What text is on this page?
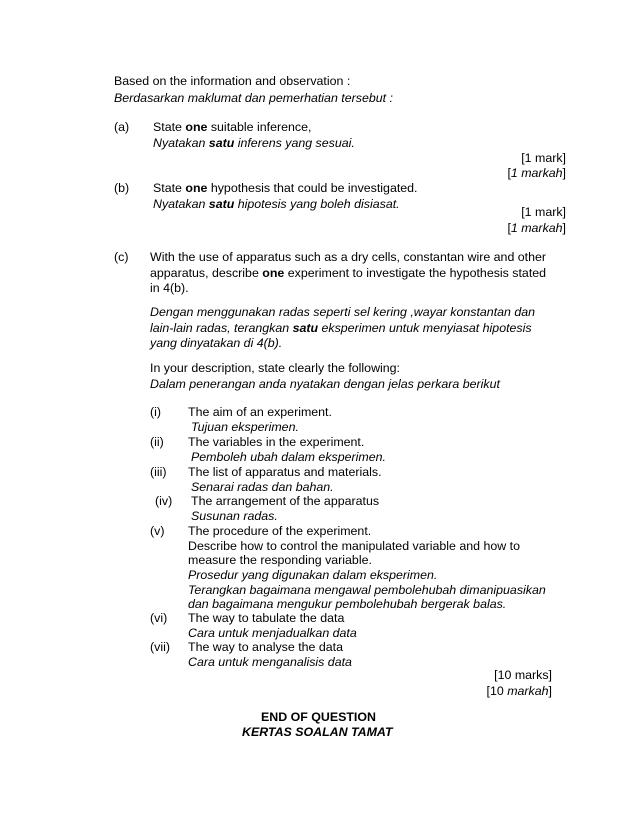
Based on the information and observation :
Berdasarkan maklumat dan pemerhatian tersebut :
(a) State one suitable inference,
Nyatakan satu inferens yang sesuai.
[1 mark]
[1 markah]
(b) State one hypothesis that could be investigated.
Nyatakan satu hipotesis yang boleh disiasat.
[1 mark]
[1 markah]
(c) With the use of apparatus such as a dry cells, constantan wire and other
apparatus, describe one experiment to investigate the hypothesis stated
in 4(b).
Dengan menggunakan radas seperti sel kering ,wayar konstantan dan
lain-lain radas, terangkan satu eksperimen untuk menyiasat hipotesis
yang dinyatakan di 4(b).
In your description, state clearly the following:
Dalam penerangan anda nyatakan dengan jelas perkara berikut
(i) The aim of an experiment.
Tujuan eksperimen.
(ii) The variables in the experiment.
Pemboleh ubah dalam eksperimen.
(iii) The list of apparatus and materials.
Senarai radas dan bahan.
(iv) The arrangement of the apparatus
Susunan radas.
(v) The procedure of the experiment.
Describe how to control the manipulated variable and how to
measure the responding variable.
Prosedur yang digunakan dalam eksperimen.
Terangkan bagaimana mengawal pembolehubah dimanipuasikan
dan bagaimana mengukur pembolehubah bergerak balas.
(vi) The way to tabulate the data
Cara untuk menjadualkan data
(vii) The way to analyse the data
Cara untuk menganalisis data
[10 marks]
[10 markah]
END OF QUESTION
KERTAS SOALAN TAMAT
